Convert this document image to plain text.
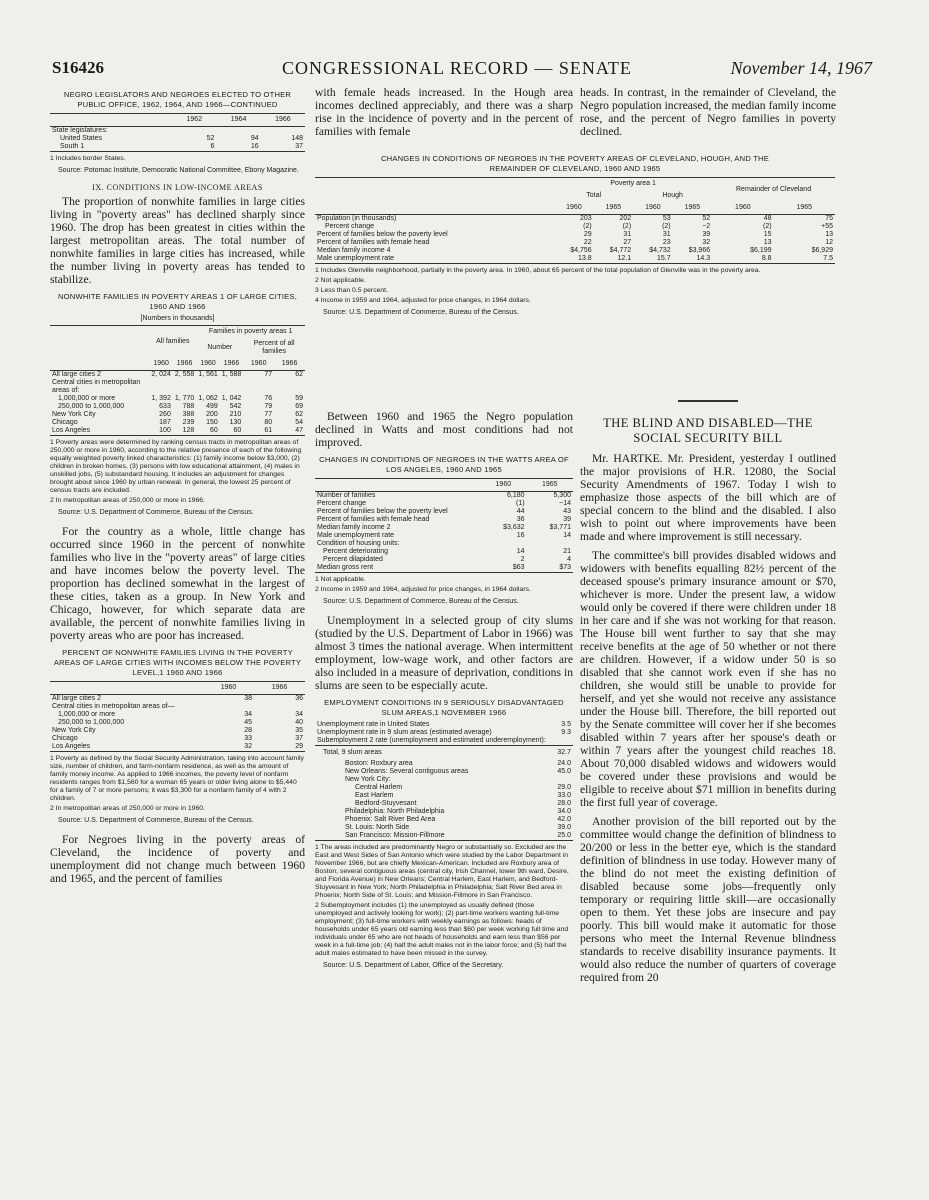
S16426	CONGRESSIONAL RECORD — SENATE	November 14, 1967
NEGRO LEGISLATORS AND NEGROES ELECTED TO OTHER PUBLIC OFFICE, 1962, 1964, AND 1966—CONTINUED
	1962	1964	1966
State legislatures:			
United States	52	94	148
South 1	6	16	37
1 Includes border States.
Source: Potomac Institute, Democratic National Committee, Ebony Magazine.
IX. CONDITIONS IN LOW-INCOME AREAS

The proportion of nonwhite families in large cities living in "poverty areas" has declined sharply since 1960. The drop has been greatest in cities within the largest metropolitan areas. The total number of nonwhite families in large cities has increased, while the number living in poverty areas has tended to stabilize.

NONWHITE FAMILIES IN POVERTY AREAS 1 OF LARGE CITIES, 1960 AND 1966
[Numbers in thousands]
	All families		Families in poverty areas 1			
			Number		Percent of all families	
	1960	1966	1960	1966	1960	1966
All large cities 2	2, 024	2, 558	1, 561	1, 588	77	62
Central cities in metropolitan areas of:						
1,000,000 or more	1, 392	1, 770	1, 062	1, 042	76	59
250,000 to 1,000,000	633	788	499	542	79	69
New York City	260	388	200	210	77	62
Chicago	187	239	150	130	80	54
Los Angeles	100	128	60	60	61	47
1 Poverty areas were determined by ranking census tracts in metropolitan areas of 250,000 or more in 1960, according to the relative presence of each of the following equally weighted poverty linked characteristics: (1) family income below $3,000, (2) children in broken homes, (3) persons with low educational attainment, (4) males in unskilled jobs, (5) substandard housing. It includes an adjustment for changes brought about since 1960 by urban renewal. In general, the lowest 25 percent of census tracts are included.
2 In metropolitan areas of 250,000 or more in 1966.
Source: U.S. Department of Commerce, Bureau of the Census.

For the country as a whole, little change has occurred since 1960 in the percent of nonwhite families who live in the "poverty areas" of large cities and have incomes below the poverty level. The proportion has declined somewhat in the largest of these cities, taken as a group. In New York and Chicago, however, for which separate data are available, the percent of nonwhite families living in poverty areas who are poor has increased.

PERCENT OF NONWHITE FAMILIES LIVING IN THE POVERTY AREAS OF LARGE CITIES WITH INCOMES BELOW THE POVERTY LEVEL,1 1960 AND 1966
	1960	1966
All large cities 2	38	36
Central cities in metropolitan areas of—		
1,000,000 or more	34	34
250,000 to 1,000,000	45	40
New York City	28	35
Chicago	33	37
Los Angeles	32	29
1 Poverty as defined by the Social Security Administration, taking into account family size, number of children, and farm-nonfarm residence, as well as the amount of family money income. As applied to 1966 incomes, the poverty level of nonfarm residents ranges from $1,560 for a woman 65 years or older living alone to $5,440 for a family of 7 or more persons; it was $3,300 for a nonfarm family of 4 with 2 children.
2 In metropolitan areas of 250,000 or more in 1960.
Source: U.S. Department of Commerce, Bureau of the Census.

For Negroes living in the poverty areas of Cleveland, the incidence of poverty and unemployment did not change much between 1960 and 1965, and the percent of families

with female heads increased. In the Hough area incomes declined appreciably, and there was a sharp rise in the incidence of poverty and in the percent of families with female

heads. In contrast, in the remainder of Cleveland, the Negro population increased, the median family income rose, and the percent of Negro families in poverty declined.

CHANGES IN CONDITIONS OF NEGROES IN THE POVERTY AREAS OF CLEVELAND, HOUGH, AND THE REMAINDER OF CLEVELAND, 1960 AND 1965
	Poverty area 1				Remainder of Cleveland	
	Total		Hough			
	1960	1965	1960	1965	1960	1965
Population (in thousands)	203	202	53	52	48	75
Percent change	(2)	(2)	(2)	−2	(2)	+55
Percent of families below the poverty level	29	31	31	39	15	13
Percent of families with female head	22	27	23	32	13	12
Median family income 4	$4,756	$4,772	$4,732	$3,966	$6,199	$6,929
Male unemployment rate	13.8	12.1	15.7	14.3	8.8	7.5
1 Includes Glenville neighborhood, partially in the poverty area. In 1960, about 65 percent of the total population of Glenville was in the poverty area.
2 Not applicable.
3 Less than 0.5 percent.
4 Income in 1959 and 1964, adjusted for price changes, in 1964 dollars.
Source: U.S. Department of Commerce, Bureau of the Census.

Between 1960 and 1965 the Negro population declined in Watts and most conditions had not improved.

CHANGES IN CONDITIONS OF NEGROES IN THE WATTS AREA OF LOS ANGELES, 1960 AND 1965
	1960	1965
Number of families	6,180	5,300
Percent change	(1)	−14
Percent of families below the poverty level	44	43
Percent of families with female head	36	39
Median family income 2	$3,632	$3,771
Male unemployment rate	16	14
Condition of housing units:		
Percent deteriorating	14	21
Percent dilapidated	2	4
Median gross rent	$63	$73
1 Not applicable.
2 Income in 1959 and 1964, adjusted for price changes, in 1964 dollars.
Source: U.S. Department of Commerce, Bureau of the Census.

Unemployment in a selected group of city slums (studied by the U.S. Department of Labor in 1966) was almost 3 times the national average. When intermittent employment, low-wage work, and other factors are also included in a measure of deprivation, conditions in slums are seen to be especially acute.

EMPLOYMENT CONDITIONS IN 9 SERIOUSLY DISADVANTAGED SLUM AREAS,1 NOVEMBER 1966
Unemployment rate in United States	3.5
Unemployment rate in 9 slum areas (estimated average)	9.3
Subemployment 2 rate (unemployment and estimated underemployment):	
Total, 9 slum areas	32.7
Boston: Roxbury area	24.0
New Orleans: Several contiguous areas	45.0
New York City:	
Central Harlem	29.0
East Harlem	33.0
Bedford-Stuyvesant	28.0
Philadelphia: North Philadelphia	34.0
Phoenix: Salt River Bed Area	42.0
St. Louis: North Side	39.0
San Francisco: Mission-Fillmore	25.0
1 The areas included are predominantly Negro or substantially so. Excluded are the East and West Sides of San Antonio which were studied by the Labor Department in November 1966, but are chiefly Mexican-American. Included are Roxbury area of Boston; several contiguous areas (central city, Irish Channel, lower 9th ward, Desire, and Florida Avenue) in New Orleans; Central Harlem, East Harlem, and Bedford-Stuyvesant in New York; North Philadelphia in Philadelphia; Salt River Bed area in Phoenix; North Side of St. Louis; and Mission-Fillmore in San Francisco.
2 Subemployment includes (1) the unemployed as usually defined (those unemployed and actively looking for work); (2) part-time workers wanting full-time employment; (3) full-time workers with weekly earnings as follows: heads of households under 65 years old earning less than $60 per week working full time and individuals under 65 who are not heads of households and earn less than $56 per week in a full-time job; (4) half the adult males not in the labor force; and (5) half the adult males estimated to have been missed in the survey.
Source: U.S. Department of Labor, Office of the Secretary.
THE BLIND AND DISABLED—THE SOCIAL SECURITY BILL

Mr. HARTKE. Mr. President, yesterday I outlined the major provisions of H.R. 12080, the Social Security Amendments of 1967. Today I wish to emphasize those aspects of the bill which are of special concern to the blind and the disabled. I also wish to point out where improvements have been made and where improvement is still necessary.

The committee's bill provides disabled widows and widowers with benefits equalling 82½ percent of the deceased spouse's primary insurance amount or $70, whichever is more. Under the present law, a widow would only be covered if there were children under 18 in her care and if she was not working for that reason. The House bill went further to say that she may receive benefits at the age of 50 whether or not there are children. However, if a widow under 50 is so disabled that she cannot work even if she has no children, she would still be unable to provide for herself, and yet she would not receive any assistance under the House bill. Therefore, the bill reported out by the Senate committee will cover her if she becomes disabled within 7 years after her spouse's death or within 7 years after the youngest child reaches 18. About 70,000 disabled widows and widowers would be covered under these provisions and would be eligible to receive about $71 million in benefits during the first full year of coverage.

Another provision of the bill reported out by the committee would change the definition of blindness to 20/200 or less in the better eye, which is the standard definition of blindness in use today. However many of the blind do not meet the existing definition of disabled because some jobs—frequently only temporary or requiring little skill—are occasionally open to them. Yet these jobs are insecure and pay poorly. This bill would make it automatic for those persons who meet the Internal Revenue blindness standards to receive disability insurance payments. It would also reduce the number of quarters of coverage required from 20
